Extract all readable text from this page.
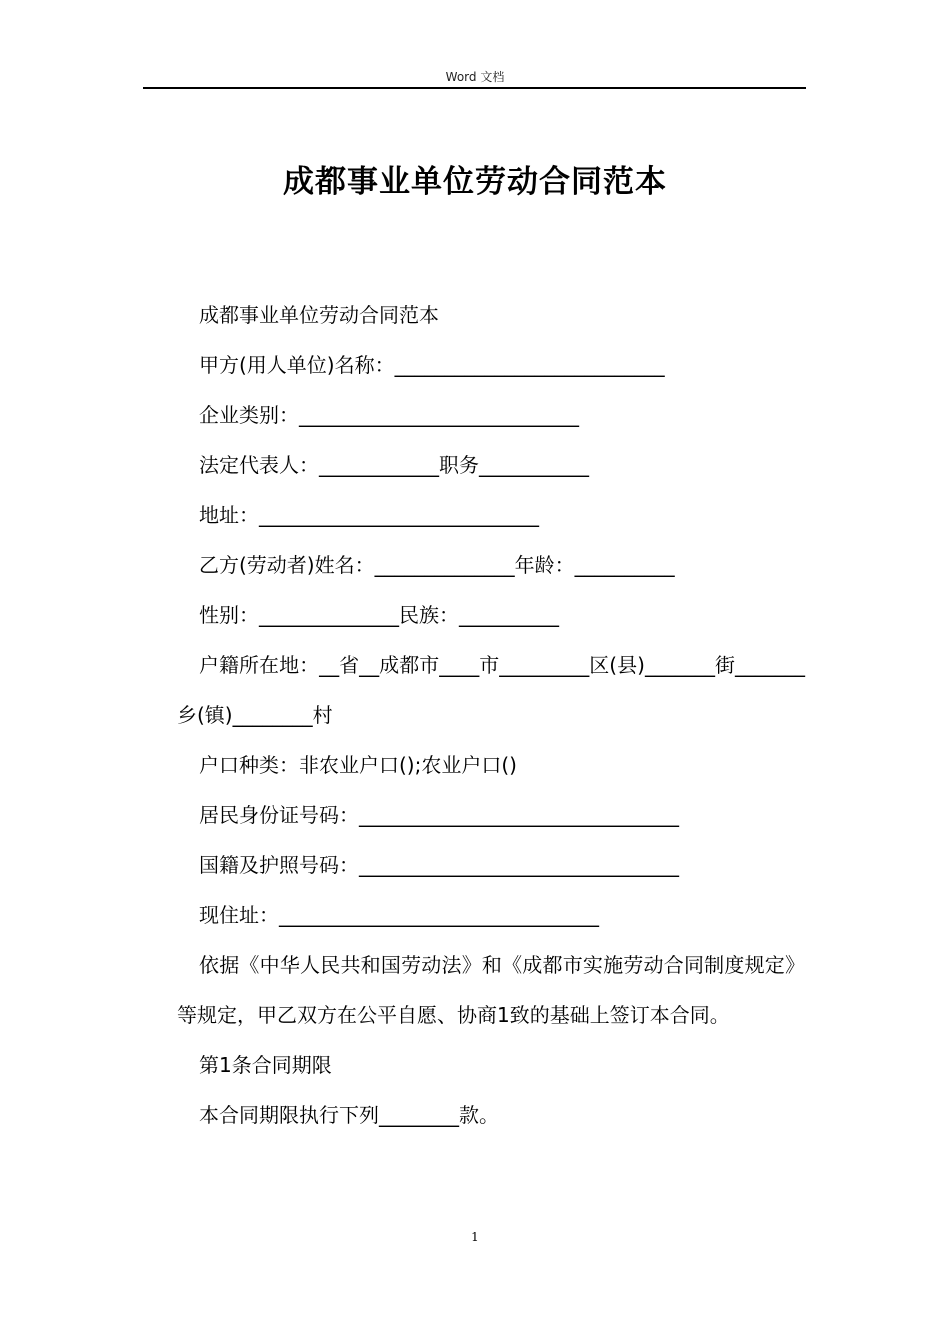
Word 文档
成都事业单位劳动合同范本

成都事业单位劳动合同范本

甲方(用人单位)名称：___________________________

企业类别：____________________________

法定代表人：____________职务___________

地址：____________________________

乙方(劳动者)姓名：______________年龄：__________

性别：______________民族：__________

户籍所在地：__省__成都市____市_________区(县)_______街_______乡(镇)________村

户口种类：非农业户口();农业户口()

居民身份证号码：________________________________

国籍及护照号码：________________________________

现住址：________________________________

依据《中华人民共和国劳动法》和《成都市实施劳动合同制度规定》等规定，甲乙双方在公平自愿、协商1致的基础上签订本合同。

第1条合同期限

本合同期限执行下列________款。

1
